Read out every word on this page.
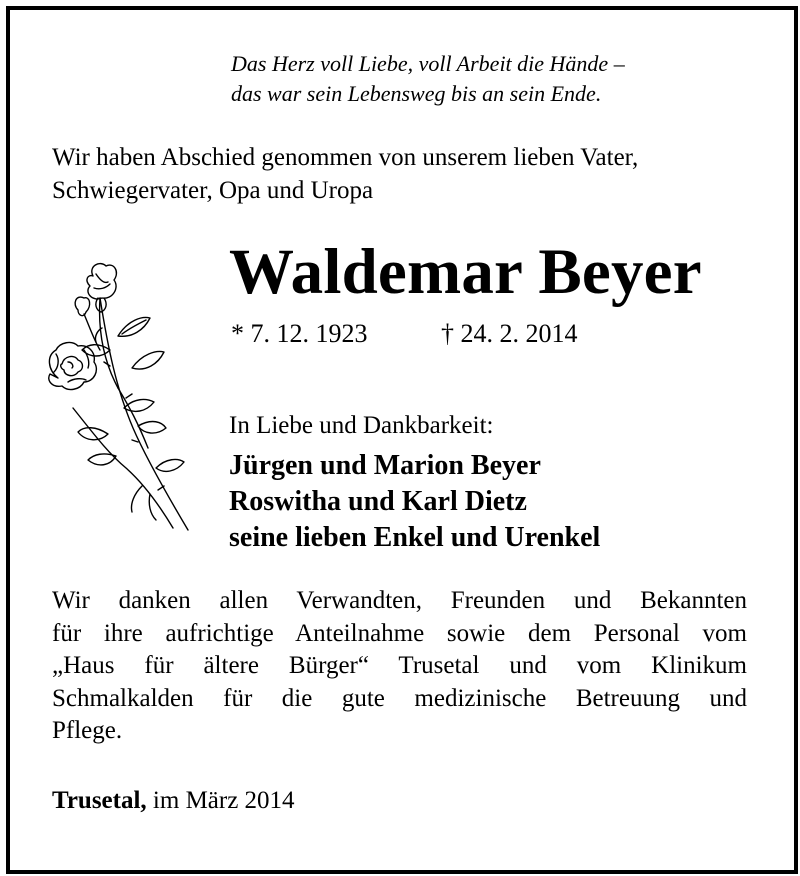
Das Herz voll Liebe, voll Arbeit die Hände –
das war sein Lebensweg bis an sein Ende.
Wir haben Abschied genommen von unserem lieben Vater,
Schwiegervater, Opa und Uropa
Waldemar Beyer
* 7. 12. 1923	† 24. 2. 2014
In Liebe und Dankbarkeit:
Jürgen und Marion Beyer
Roswitha und Karl Dietz
seine lieben Enkel und Urenkel
Wir danken allen Verwandten, Freunden und Bekannten
für ihre aufrichtige Anteilnahme sowie dem Personal vom
„Haus für ältere Bürger“ Trusetal und vom Klinikum
Schmalkalden für die gute medizinische Betreuung und
Pflege.
Trusetal, im März 2014
